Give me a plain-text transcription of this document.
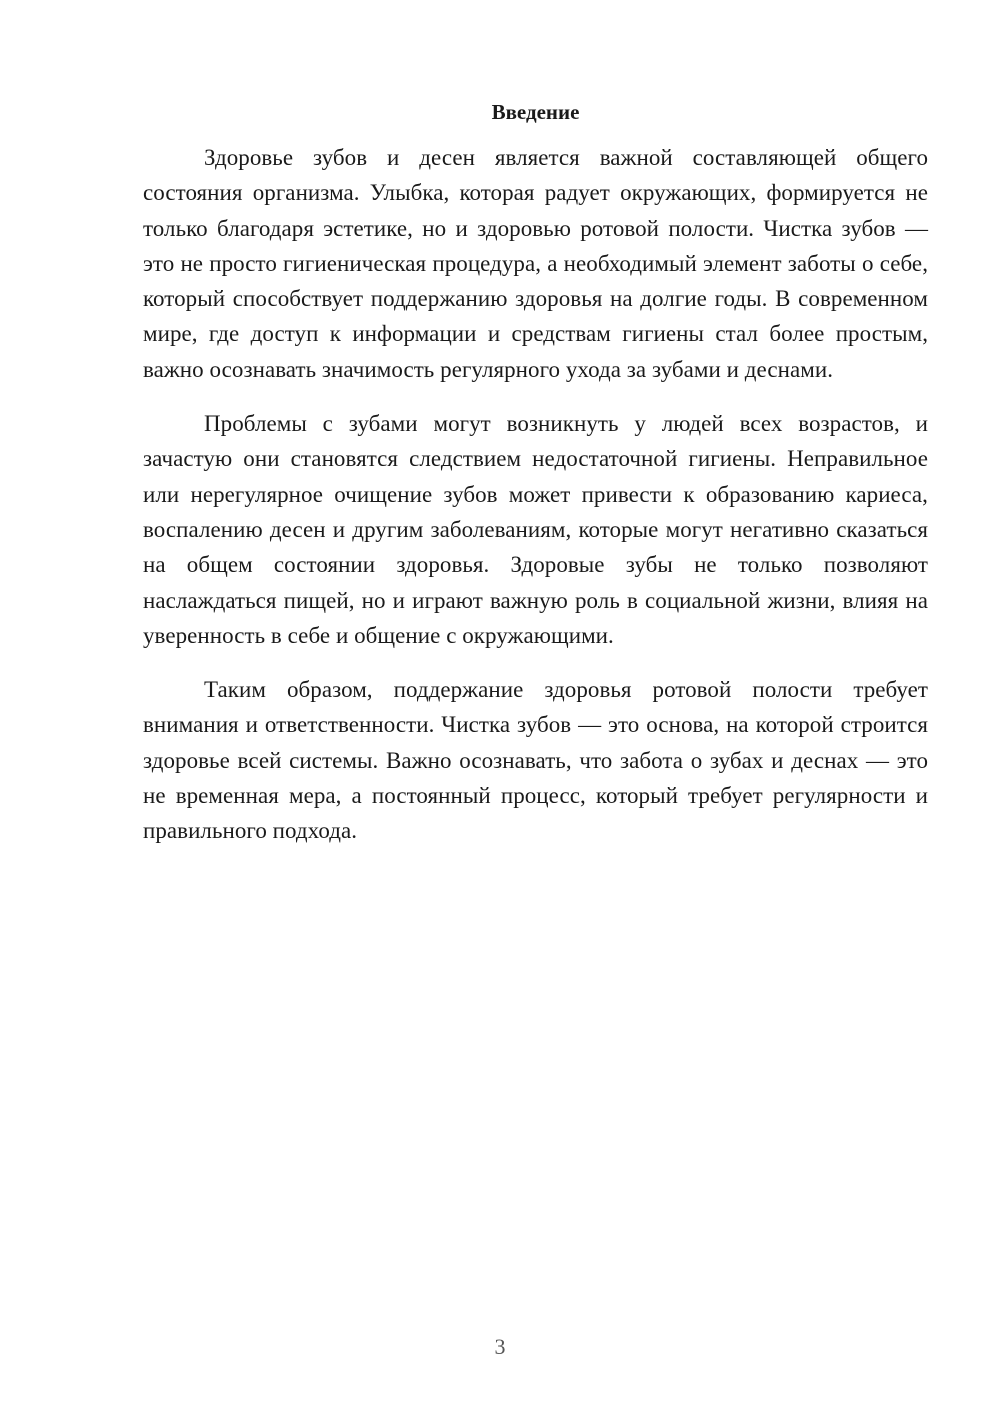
Введение

Здоровье зубов и десен является важной составляющей общего состояния организма. Улыбка, которая радует окружающих, формируется не только благодаря эстетике, но и здоровью ротовой полости. Чистка зубов — это не просто гигиеническая процедура, а необходимый элемент заботы о себе, который способствует поддержанию здоровья на долгие годы. В современном мире, где доступ к информации и средствам гигиены стал более простым, важно осознавать значимость регулярного ухода за зубами и деснами.

Проблемы с зубами могут возникнуть у людей всех возрастов, и зачастую они становятся следствием недостаточной гигиены. Неправильное или нерегулярное очищение зубов может привести к образованию кариеса, воспалению десен и другим заболеваниям, которые могут негативно сказаться на общем состоянии здоровья. Здоровые зубы не только позволяют наслаждаться пищей, но и играют важную роль в социальной жизни, влияя на уверенность в себе и общение с окружающими.

Таким образом, поддержание здоровья ротовой полости требует внимания и ответственности. Чистка зубов — это основа, на которой строится здоровье всей системы. Важно осознавать, что забота о зубах и деснах — это не временная мера, а постоянный процесс, который требует регулярности и правильного подхода.

3
